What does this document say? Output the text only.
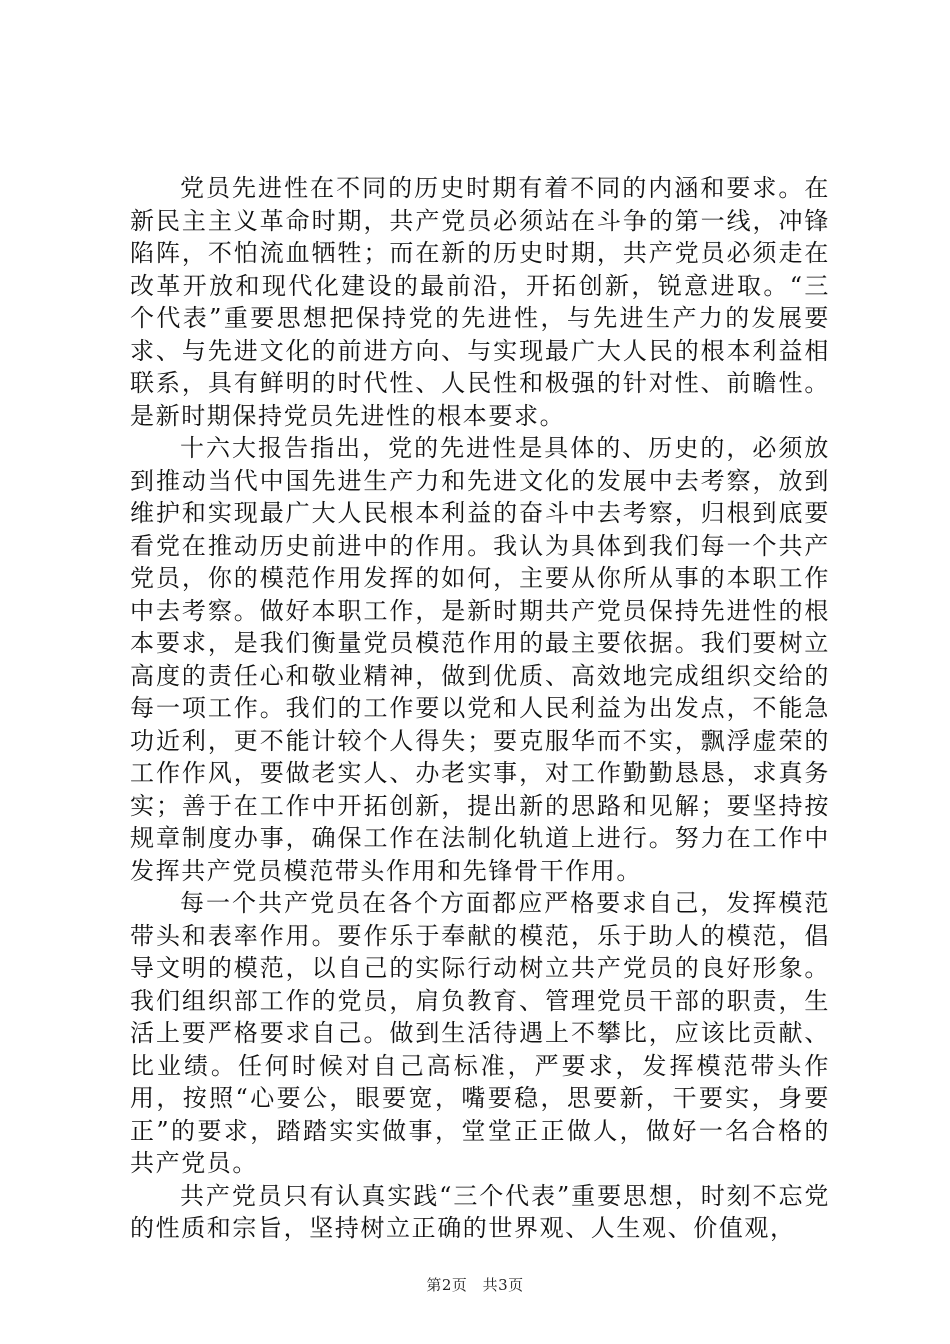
党员先进性在不同的历史时期有着不同的内涵和要求。在新民主主义革命时期，共产党员必须站在斗争的第一线，冲锋陷阵，不怕流血牺牲；而在新的历史时期，共产党员必须走在改革开放和现代化建设的最前沿，开拓创新，锐意进取。“三个代表”重要思想把保持党的先进性，与先进生产力的发展要求、与先进文化的前进方向、与实现最广大人民的根本利益相联系，具有鲜明的时代性、人民性和极强的针对性、前瞻性。是新时期保持党员先进性的根本要求。

十六大报告指出，党的先进性是具体的、历史的，必须放到推动当代中国先进生产力和先进文化的发展中去考察，放到维护和实现最广大人民根本利益的奋斗中去考察，归根到底要看党在推动历史前进中的作用。我认为具体到我们每一个共产党员，你的模范作用发挥的如何，主要从你所从事的本职工作中去考察。做好本职工作，是新时期共产党员保持先进性的根本要求，是我们衡量党员模范作用的最主要依据。我们要树立高度的责任心和敬业精神，做到优质、高效地完成组织交给的每一项工作。我们的工作要以党和人民利益为出发点，不能急功近利，更不能计较个人得失；要克服华而不实，飘浮虚荣的工作作风，要做老实人、办老实事，对工作勤勤恳恳，求真务实；善于在工作中开拓创新，提出新的思路和见解；要坚持按规章制度办事，确保工作在法制化轨道上进行。努力在工作中发挥共产党员模范带头作用和先锋骨干作用。

每一个共产党员在各个方面都应严格要求自己，发挥模范带头和表率作用。要作乐于奉献的模范，乐于助人的模范，倡导文明的模范，以自己的实际行动树立共产党员的良好形象。我们组织部工作的党员，肩负教育、管理党员干部的职责，生活上要严格要求自己。做到生活待遇上不攀比，应该比贡献、比业绩。任何时候对自己高标准，严要求，发挥模范带头作用，按照“心要公，眼要宽，嘴要稳，思要新，干要实，身要正”的要求，踏踏实实做事，堂堂正正做人，做好一名合格的共产党员。

共产党员只有认真实践“三个代表”重要思想，时刻不忘党的性质和宗旨，坚持树立正确的世界观、人生观、价值观，

第2页 共3页
